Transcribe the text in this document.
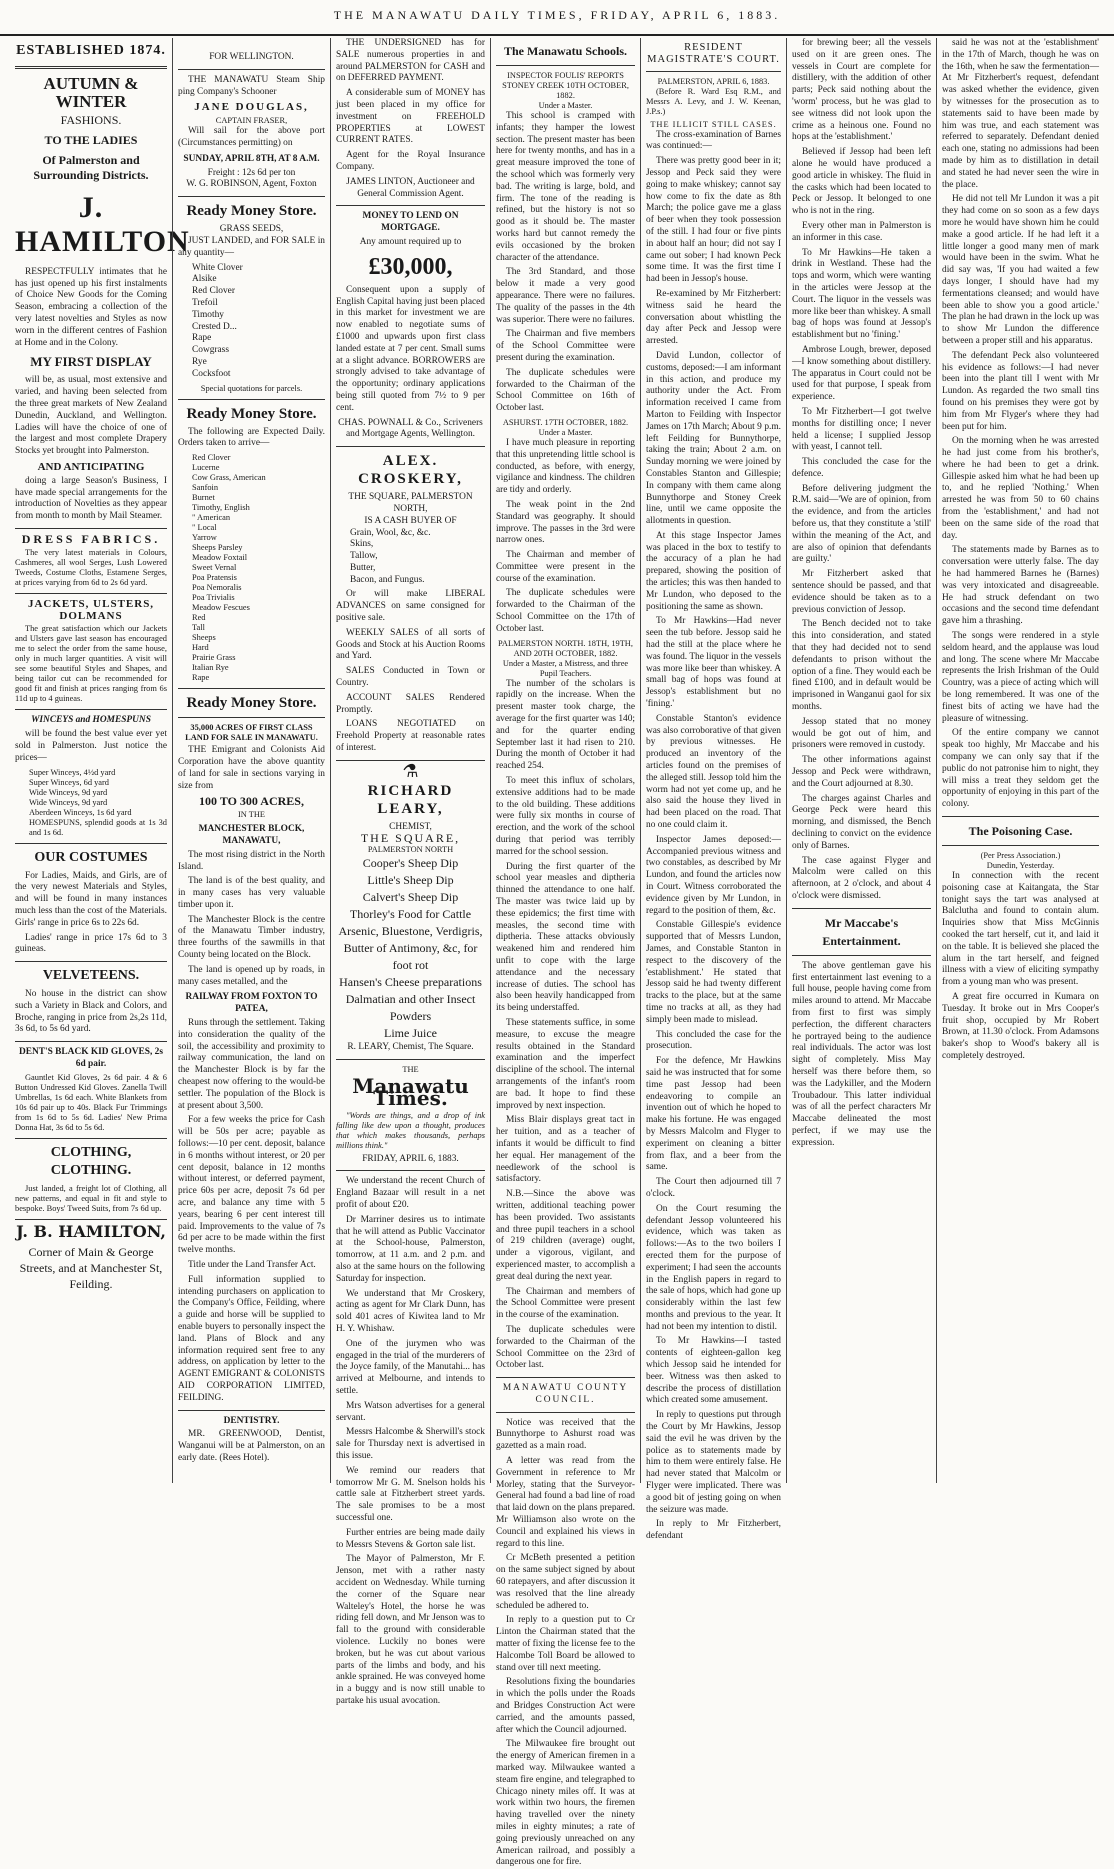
THE MANAWATU DAILY TIMES, FRIDAY, APRIL 6, 1883.
ESTABLISHED 1874.
AUTUMN & WINTER
FASHIONS.
TO THE LADIES
Of Palmerston and Surrounding Districts.
J. HAMILTON

RESPECTFULLY intimates that he has just opened up his first instalments of Choice New Goods for the Coming Season, embracing a collection of the very latest novelties and Styles as now worn in the different centres of Fashion at Home and in the Colony.

MY FIRST DISPLAY

will be, as usual, most extensive and varied, and having been selected from the three great markets of New Zealand Dunedin, Auckland, and Wellington. Ladies will have the choice of one of the largest and most complete Drapery Stocks yet brought into Palmerston.

AND ANTICIPATING

doing a large Season's Business, I have made special arrangements for the introduction of Novelties as they appear from month to month by Mail Steamer.

DRESS FABRICS.

The very latest materials in Colours, Cashmeres, all wool Serges, Lush Lowered Tweeds, Costume Cloths, Estamene Serges, at prices varying from 6d to 2s 6d yard.

JACKETS, ULSTERS, DOLMANS

The great satisfaction which our Jackets and Ulsters gave last season has encouraged me to select the order from the same house, only in much larger quantities. A visit will see some beautiful Styles and Shapes, and being tailor cut can be recommended for good fit and finish at prices ranging from 6s 11d up to 4 guineas.

WINCEYS and HOMESPUNS

will be found the best value ever yet sold in Palmerston. Just notice the prices—

Super Winceys, 4½d yard
Super Winceys, 6d yard
Wide Winceys, 9d yard
Wide Winceys, 9d yard
Aberdeen Winceys, 1s 6d yard
HOMESPUNS, splendid goods at 1s 3d and 1s 6d.
OUR COSTUMES

For Ladies, Maids, and Girls, are of the very newest Materials and Styles, and will be found in many instances much less than the cost of the Materials. Girls' range in price 6s to 22s 6d.

Ladies' range in price 17s 6d to 3 guineas.

VELVETEENS.

No house in the district can show such a Variety in Black and Colors, and Broche, ranging in price from 2s,2s 11d, 3s 6d, to 5s 6d yard.

DENT'S BLACK KID GLOVES, 2s 6d pair.

Gauntlet Kid Gloves, 2s 6d pair. 4 & 6 Button Undressed Kid Gloves. Zanella Twill Umbrellas, 1s 6d each. White Blankets from 10s 6d pair up to 40s. Black Fur Trimmings from 1s 6d to 5s 6d. Ladies' New Prima Donna Hat, 3s 6d to 5s 6d.

CLOTHING, CLOTHING.

Just landed, a freight lot of Clothing, all new patterns, and equal in fit and style to bespoke. Boys' Tweed Suits, from 7s 6d up.

J. B. HAMILTON,
Corner of Main & George Streets, and at Manchester St, Feilding.
FOR WELLINGTON.

THE MANAWATU Steam Ship ping Company's Schooner

JANE DOUGLAS,
CAPTAIN FRASER,

Will sail for the above port (Circumstances permitting) on

SUNDAY, APRIL 8TH, AT 8 A.M.
Freight : 12s 6d per ton
W. G. ROBINSON, Agent, Foxton
Ready Money Store.
GRASS SEEDS,

JUST LANDED, and FOR SALE in any quantity—

White Clover
Alsike
Red Clover
Trefoil
Timothy
Crested D...
Rape
Cowgrass
Rye
Cocksfoot
Special quotations for parcels.
Ready Money Store.

The following are Expected Daily. Orders taken to arrive—

Red Clover
Lucerne
Cow Grass, American
Sanfoin
Burnet
Timothy, English
" American
" Local
Yarrow
Sheeps Parsley
Meadow Foxtail
Sweet Vernal
Poa Pratensis
Poa Nemoralis
Poa Trivialis
Meadow Fescues
Red
Tall
Sheeps
Hard
Prairie Grass
Italian Rye
Rape
Ready Money Store.
35,000 ACRES OF FIRST CLASS LAND FOR SALE IN MANAWATU.

THE Emigrant and Colonists Aid Corporation have the above quantity of land for sale in sections varying in size from

100 TO 300 ACRES,
IN THE
MANCHESTER BLOCK, MANAWATU,

The most rising district in the North Island.

The land is of the best quality, and in many cases has very valuable timber upon it.

The Manchester Block is the centre of the Manawatu Timber industry, three fourths of the sawmills in that County being located on the Block.

The land is opened up by roads, in many cases metalled, and the

RAILWAY FROM FOXTON TO PATEA,

Runs through the settlement. Taking into consideration the quality of the soil, the accessibility and proximity to railway communication, the land on the Manchester Block is by far the cheapest now offering to the would-be settler. The population of the Block is at present about 3,500.

For a few weeks the price for Cash will be 50s per acre; payable as follows:—10 per cent. deposit, balance in 6 months without interest, or 20 per cent deposit, balance in 12 months without interest, or deferred payment, price 60s per acre, deposit 7s 6d per acre, and balance any time with 5 years, bearing 6 per cent interest till paid. Improvements to the value of 7s 6d per acre to be made within the first twelve months.

Title under the Land Transfer Act.

Full information supplied to intending purchasers on application to the Company's Office, Feilding, where a guide and horse will be supplied to enable buyers to personally inspect the land. Plans of Block and any information required sent free to any address, on application by letter to the AGENT EMIGRANT & COLONISTS AID CORPORATION LIMITED, FEILDING.

DENTISTRY.

MR. GREENWOOD, Dentist, Wanganui will be at Palmerston, on an early date. (Rees Hotel).

THE UNDERSIGNED has for SALE numerous properties in and around PALMERSTON for CASH and on DEFERRED PAYMENT.

A considerable sum of MONEY has just been placed in my office for investment on FREEHOLD PROPERTIES at LOWEST CURRENT RATES.

Agent for the Royal Insurance Company.

JAMES LINTON, Auctioneer and General Commission Agent.
MONEY TO LEND ON MORTGAGE.
Any amount required up to
£30,000,

Consequent upon a supply of English Capital having just been placed in this market for investment we are now enabled to negotiate sums of £1000 and upwards upon first class landed estate at 7 per cent. Small sums at a slight advance. BORROWERS are strongly advised to take advantage of the opportunity; ordinary applications being still quoted from 7½ to 9 per cent.

CHAS. POWNALL & Co., Scriveners and Mortgage Agents, Wellington.
ALEX. CROSKERY,
THE SQUARE, PALMERSTON NORTH,
IS A CASH BUYER OF
Grain, Wool, &c, &c.
Skins,
Tallow,
Butter,
Bacon, and Fungus.

Or will make LIBERAL ADVANCES on same consigned for positive sale.

WEEKLY SALES of all sorts of Goods and Stock at his Auction Rooms and Yard.

SALES Conducted in Town or Country.

ACCOUNT SALES Rendered Promptly.

LOANS NEGOTIATED on Freehold Property at reasonable rates of interest.

⚗
RICHARD LEARY,
CHEMIST,
THE SQUARE,
PALMERSTON NORTH
Cooper's Sheep Dip
Little's Sheep Dip
Calvert's Sheep Dip
Thorley's Food for Cattle
Arsenic, Bluestone, Verdigris, Butter of Antimony, &c, for foot rot
Hansen's Cheese preparations
Dalmatian and other Insect Powders
Lime Juice
R. LEARY, Chemist, The Square.
THE
Manawatu Times.

"Words are things, and a drop of ink falling like dew upon a thought, produces that which makes thousands, perhaps millions think."

FRIDAY, APRIL 6, 1883.

We understand the recent Church of England Bazaar will result in a net profit of about £20.

Dr Marriner desires us to intimate that he will attend as Public Vaccinator at the School-house, Palmerston, tomorrow, at 11 a.m. and 2 p.m. and also at the same hours on the following Saturday for inspection.

We understand that Mr Croskery, acting as agent for Mr Clark Dunn, has sold 401 acres of Kiwitea land to Mr H. Y. Whishaw.

One of the jurymen who was engaged in the trial of the murderers of the Joyce family, of the Manutahi... has arrived at Melbourne, and intends to settle.

Mrs Watson advertises for a general servant.

Messrs Halcombe & Sherwill's stock sale for Thursday next is advertised in this issue.

We remind our readers that tomorrow Mr G. M. Snelson holds his cattle sale at Fitzherbert street yards. The sale promises to be a most successful one.

Further entries are being made daily to Messrs Stevens & Gorton sale list.

The Mayor of Palmerston, Mr F. Jenson, met with a rather nasty accident on Wednesday. While turning the corner of the Square near Walteley's Hotel, the horse he was riding fell down, and Mr Jenson was to fall to the ground with considerable violence. Luckily no bones were broken, but he was cut about various parts of the limbs and body, and his ankle sprained. He was conveyed home in a buggy and is now still unable to partake his usual avocation.

The Manawatu Schools.
INSPECTOR FOULIS' REPORTS
STONEY CREEK 10TH OCTOBER, 1882.
Under a Master.

This school is cramped with infants; they hamper the lowest section. The present master has been here for twenty months, and has in a great measure improved the tone of the school which was formerly very bad. The writing is large, bold, and firm. The tone of the reading is refined, but the history is not so good as it should be. The master works hard but cannot remedy the evils occasioned by the broken character of the attendance.

The 3rd Standard, and those below it made a very good appearance. There were no failures. The quality of the passes in the 4th was superior. There were no failures.

The Chairman and five members of the School Committee were present during the examination.

The duplicate schedules were forwarded to the Chairman of the School Committee on 16th of October last.

ASHURST. 17TH OCTOBER, 1882.
Under a Master.

I have much pleasure in reporting that this unpretending little school is conducted, as before, with energy, vigilance and kindness. The children are tidy and orderly.

The weak point in the 2nd Standard was geography. It should improve. The passes in the 3rd were narrow ones.

The Chairman and member of Committee were present in the course of the examination.

The duplicate schedules were forwarded to the Chairman of the School Committee on the 17th of October last.

PALMERSTON NORTH. 18TH, 19TH, AND 20TH OCTOBER, 1882.
Under a Master, a Mistress, and three Pupil Teachers.

The number of the scholars is rapidly on the increase. When the present master took charge, the average for the first quarter was 140; and for the quarter ending September last it had risen to 210. During the month of October it had reached 254.

To meet this influx of scholars, extensive additions had to be made to the old building. These additions were fully six months in course of erection, and the work of the school during that period was terribly marred for the school session.

During the first quarter of the school year measles and diptheria thinned the attendance to one half. The master was twice laid up by these epidemics; the first time with measles, the second time with diptheria. These attacks obviously weakened him and rendered him unfit to cope with the large attendance and the necessary increase of duties. The school has also been heavily handicapped from its being understaffed.

These statements suffice, in some measure, to excuse the meagre results obtained in the Standard examination and the imperfect discipline of the school. The internal arrangements of the infant's room are bad. It hope to find these improved by next inspection.

Miss Blair displays great tact in her tuition, and as a teacher of infants it would be difficult to find her equal. Her management of the needlework of the school is satisfactory.

N.B.—Since the above was written, additional teaching power has been provided. Two assistants and three pupil teachers in a school of 219 children (average) ought, under a vigorous, vigilant, and experienced master, to accomplish a great deal during the next year.

The Chairman and members of the School Committee were present in the course of the examination.

The duplicate schedules were forwarded to the Chairman of the School Committee on the 23rd of October last.

MANAWATU COUNTY COUNCIL.

Notice was received that the Bunnythorpe to Ashurst road was gazetted as a main road.

A letter was read from the Government in reference to Mr Morley, stating that the Surveyor-General had found a bad line of road that laid down on the plans prepared. Mr Williamson also wrote on the Council and explained his views in regard to this line.

Cr McBeth presented a petition on the same subject signed by about 60 ratepayers, and after discussion it was resolved that the line already scheduled be adhered to.

In reply to a question put to Cr Linton the Chairman stated that the matter of fixing the license fee to the Halcombe Toll Board be allowed to stand over till next meeting.

Resolutions fixing the boundaries in which the polls under the Roads and Bridges Construction Act were carried, and the amounts passed, after which the Council adjourned.

The Milwaukee fire brought out the energy of American firemen in a marked way. Milwaukee wanted a steam fire engine, and telegraphed to Chicago ninety miles off. It was at work within two hours, the firemen having travelled over the ninety miles in eighty minutes; a rate of going previously unreached on any American railroad, and possibly a dangerous one for fire.

RESIDENT MAGISTRATE'S COURT.
PALMERSTON, APRIL 6, 1883.

(Before R. Ward Esq R.M., and Messrs A. Levy, and J. W. Keenan, J.P.s.)

THE ILLICIT STILL CASES.

The cross-examination of Barnes was continued:—

There was pretty good beer in it; Jessop and Peck said they were going to make whiskey; cannot say how come to fix the date as 8th March; the police gave me a glass of beer when they took possession of the still. I had four or five pints in about half an hour; did not say I came out sober; I had known Peck some time. It was the first time I had been in Jessop's house.

Re-examined by Mr Fitzherbert: witness said he heard the conversation about whistling the day after Peck and Jessop were arrested.

David Lundon, collector of customs, deposed:—I am informant in this action, and produce my authority under the Act. From information received I came from Marton to Feilding with Inspector James on 17th March; About 9 p.m. left Feilding for Bunnythorpe, taking the train; About 2 a.m. on Sunday morning we were joined by Constables Stanton and Gillespie; In company with them came along Bunnythorpe and Stoney Creek line, until we came opposite the allotments in question.

At this stage Inspector James was placed in the box to testify to the accuracy of a plan he had prepared, showing the position of the articles; this was then handed to Mr Lundon, who deposed to the positioning the same as shown.

To Mr Hawkins—Had never seen the tub before. Jessop said he had the still at the place where he was found. The liquor in the vessels was more like beer than whiskey. A small bag of hops was found at Jessop's establishment but no 'fining.'

Constable Stanton's evidence was also corroborative of that given by previous witnesses. He produced an inventory of the articles found on the premises of the alleged still. Jessop told him the worm had not yet come up, and he also said the house they lived in had been placed on the road. That no one could claim it.

Inspector James deposed:—Accompanied previous witness and two constables, as described by Mr Lundon, and found the articles now in Court. Witness corroborated the evidence given by Mr Lundon, in regard to the position of them, &c.

Constable Gillespie's evidence supported that of Messrs Lundon, James, and Constable Stanton in respect to the discovery of the 'establishment.' He stated that Jessop said he had twenty different tracks to the place, but at the same time no tracks at all, as they had simply been made to mislead.

This concluded the case for the prosecution.

For the defence, Mr Hawkins said he was instructed that for some time past Jessop had been endeavoring to compile an invention out of which he hoped to make his fortune. He was engaged by Messrs Malcolm and Flyger to experiment on cleaning a bitter from flax, and a beer from the same.

The Court then adjourned till 7 o'clock.

On the Court resuming the defendant Jessop volunteered his evidence, which was taken as follows:—As to the two boilers I erected them for the purpose of experiment; I had seen the accounts in the English papers in regard to the sale of hops, which had gone up considerably within the last few months and previous to the year. It had not been my intention to distil.

To Mr Hawkins—I tasted contents of eighteen-gallon keg which Jessop said he intended for beer. Witness was then asked to describe the process of distillation which created some amusement.

In reply to questions put through the Court by Mr Hawkins, Jessop said the evil he was driven by the police as to statements made by him to them were entirely false. He had never stated that Malcolm or Flyger were implicated. There was a good bit of jesting going on when the seizure was made.

In reply to Mr Fitzherbert, defendant

for brewing beer; all the vessels used on it are green ones. The vessels in Court are complete for distillery, with the addition of other parts; Peck said nothing about the 'worm' process, but he was glad to see witness did not look upon the crime as a heinous one. Found no hops at the 'establishment.'

Believed if Jessop had been left alone he would have produced a good article in whiskey. The fluid in the casks which had been located to Peck or Jessop. It belonged to one who is not in the ring.

Every other man in Palmerston is an informer in this case.

To Mr Hawkins—He taken a drink in Westland. These had the tops and worm, which were wanting in the articles were Jessop at the Court. The liquor in the vessels was more like beer than whiskey. A small bag of hops was found at Jessop's establishment but no 'fining.'

Ambrose Lough, brewer, deposed—I know something about distillery. The apparatus in Court could not be used for that purpose, I speak from experience.

To Mr Fitzherbert—I got twelve months for distilling once; I never held a license; I supplied Jessop with yeast, I cannot tell.

This concluded the case for the defence.

Before delivering judgment the R.M. said—'We are of opinion, from the evidence, and from the articles before us, that they constitute a 'still' within the meaning of the Act, and are also of opinion that defendants are guilty.'

Mr Fitzherbert asked that sentence should be passed, and that evidence should be taken as to a previous conviction of Jessop.

The Bench decided not to take this into consideration, and stated that they had decided not to send defendants to prison without the option of a fine. They would each be fined £100, and in default would be imprisoned in Wanganui gaol for six months.

Jessop stated that no money would be got out of him, and prisoners were removed in custody.

The other informations against Jessop and Peck were withdrawn, and the Court adjourned at 8.30.

The charges against Charles and George Peck were heard this morning, and dismissed, the Bench declining to convict on the evidence only of Barnes.

The case against Flyger and Malcolm were called on this afternoon, at 2 o'clock, and about 4 o'clock were dismissed.

Mr Maccabe's Entertainment.

The above gentleman gave his first entertainment last evening to a full house, people having come from miles around to attend. Mr Maccabe from first to first was simply perfection, the different characters he portrayed being to the audience real individuals. The actor was lost sight of completely. Miss May herself was there before them, so was the Ladykiller, and the Modern Troubadour. This latter individual was of all the perfect characters Mr Maccabe delineated the most perfect, if we may use the expression.

said he was not at the 'establishment' in the 17th of March, though he was on the 16th, when he saw the fermentation—At Mr Fitzherbert's request, defendant was asked whether the evidence, given by witnesses for the prosecution as to statements said to have been made by him was true, and each statement was referred to separately. Defendant denied each one, stating no admissions had been made by him as to distillation in detail and stated he had never seen the wire in the place.

He did not tell Mr Lundon it was a pit they had come on so soon as a few days more he would have shown him he could make a good article. If he had left it a little longer a good many men of mark would have been in the swim. What he did say was, 'If you had waited a few days longer, I should have had my fermentations cleansed; and would have been able to show you a good article.' The plan he had drawn in the lock up was to show Mr Lundon the difference between a proper still and his apparatus.

The defendant Peck also volunteered his evidence as follows:—I had never been into the plant till I went with Mr Lundon. As regarded the two small tins found on his premises they were got by him from Mr Flyger's where they had been put for him.

On the morning when he was arrested he had just come from his brother's, where he had been to get a drink. Gillespie asked him what he had been up to, and he replied 'Nothing.' When arrested he was from 50 to 60 chains from the 'establishment,' and had not been on the same side of the road that day.

The statements made by Barnes as to conversation were utterly false. The day he had hammered Barnes he (Barnes) was very intoxicated and disagreeable. He had struck defendant on two occasions and the second time defendant gave him a thrashing.

The songs were rendered in a style seldom heard, and the applause was loud and long. The scene where Mr Maccabe represents the Irish Irishman of the Ould Country, was a piece of acting which will be long remembered. It was one of the finest bits of acting we have had the pleasure of witnessing.

Of the entire company we cannot speak too highly, Mr Maccabe and his company we can only say that if the public do not patronise him to night, they will miss a treat they seldom get the opportunity of enjoying in this part of the colony.

The Poisoning Case.
(Per Press Association.)
Dunedin, Yesterday.

In connection with the recent poisoning case at Kaitangata, the Star tonight says the tart was analysed at Balclutha and found to contain alum. Inquiries show that Miss McGinnis cooked the tart herself, cut it, and laid it on the table. It is believed she placed the alum in the tart herself, and feigned illness with a view of eliciting sympathy from a young man who was present.

A great fire occurred in Kumara on Tuesday. It broke out in Mrs Cooper's fruit shop, occupied by Mr Robert Brown, at 11.30 o'clock. From Adamsons baker's shop to Wood's bakery all is completely destroyed.
